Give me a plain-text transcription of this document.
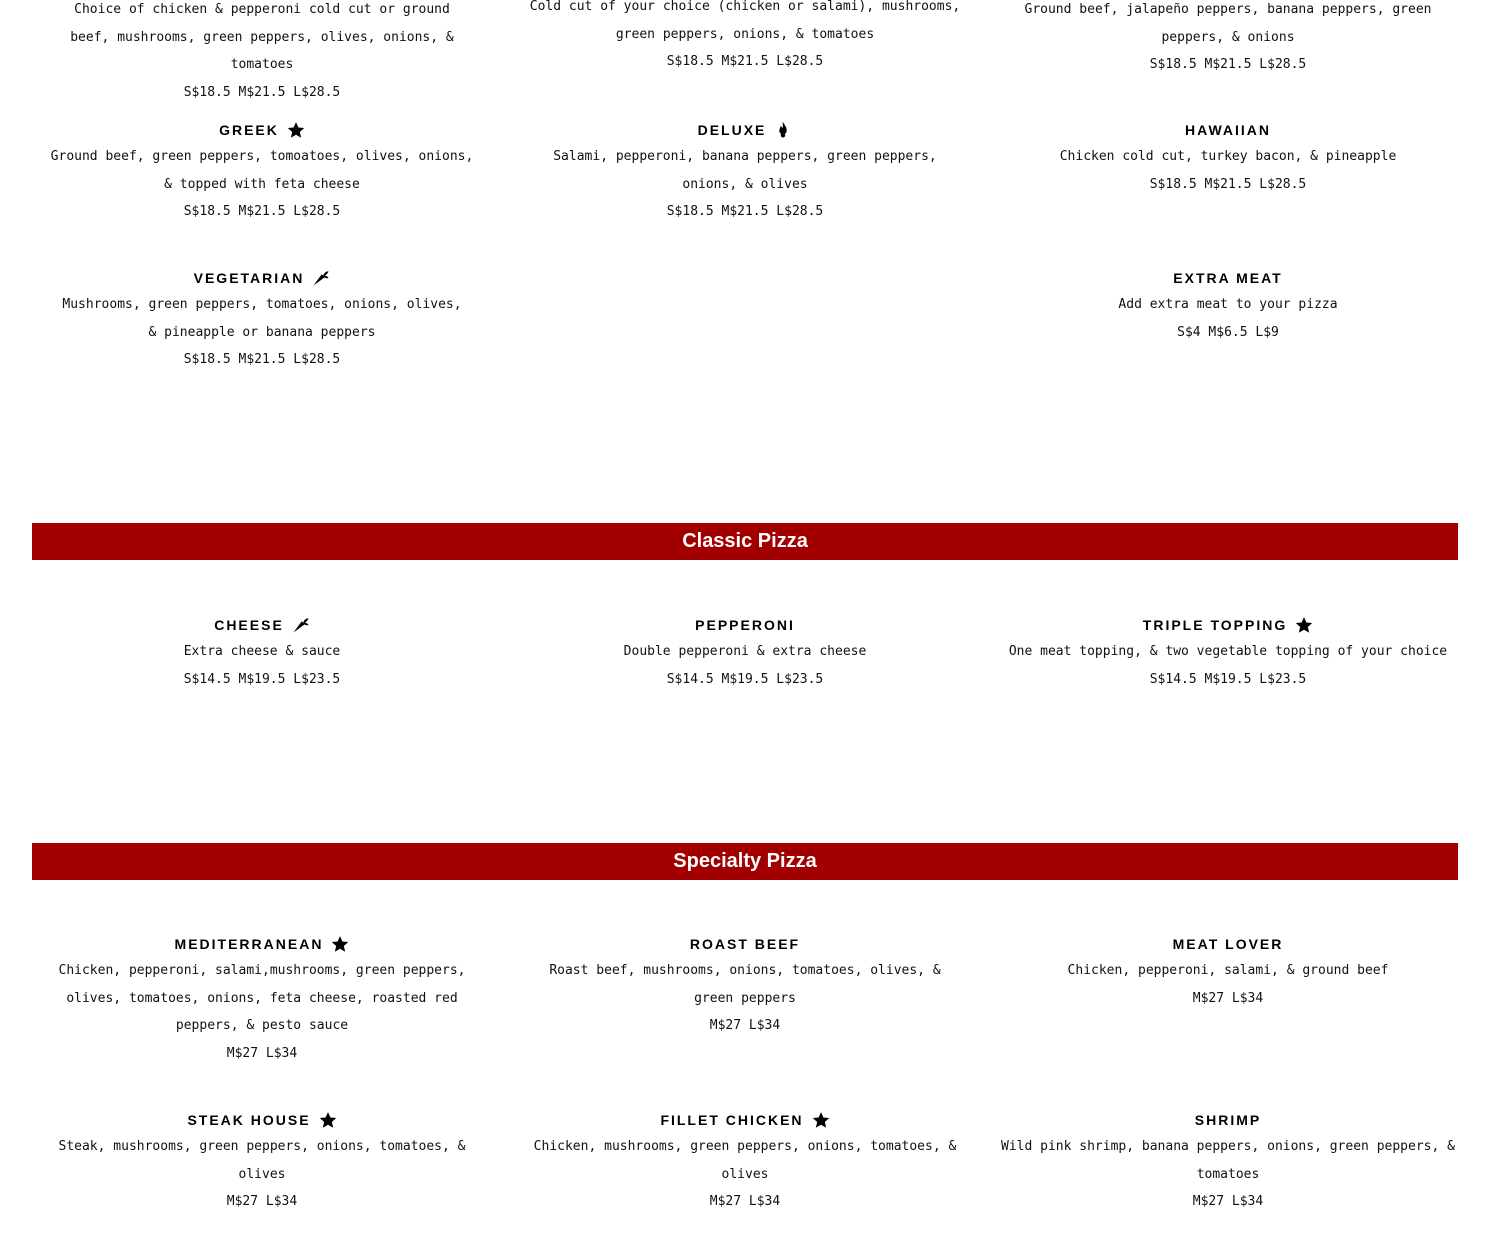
Choice of chicken & pepperoni cold cut or ground beef, mushrooms, green peppers, olives, onions, & tomatoes
S$18.5 M$21.5 L$28.5
Cold cut of your choice (chicken or salami), mushrooms, green peppers, onions, & tomatoes
S$18.5 M$21.5 L$28.5
Ground beef, jalapeño peppers, banana peppers, green peppers, & onions
S$18.5 M$21.5 L$28.5
GREEK
Ground beef, green peppers, tomoatoes, olives, onions, & topped with feta cheese
S$18.5 M$21.5 L$28.5
DELUXE
Salami, pepperoni, banana peppers, green peppers, onions, & olives
S$18.5 M$21.5 L$28.5
HAWAIIAN
Chicken cold cut, turkey bacon, & pineapple
S$18.5 M$21.5 L$28.5
VEGETARIAN
Mushrooms, green peppers, tomatoes, onions, olives, & pineapple or banana peppers
S$18.5 M$21.5 L$28.5
EXTRA MEAT
Add extra meat to your pizza
S$4 M$6.5 L$9
Classic Pizza
CHEESE
Extra cheese & sauce
S$14.5 M$19.5 L$23.5
PEPPERONI
Double pepperoni & extra cheese
S$14.5 M$19.5 L$23.5
TRIPLE TOPPING
One meat topping, & two vegetable topping of your choice
S$14.5 M$19.5 L$23.5
Specialty Pizza
MEDITERRANEAN
Chicken, pepperoni, salami,mushrooms, green peppers, olives, tomatoes, onions, feta cheese, roasted red peppers, & pesto sauce
M$27 L$34
ROAST BEEF
Roast beef, mushrooms, onions, tomatoes, olives, & green peppers
M$27 L$34
MEAT LOVER
Chicken, pepperoni, salami, & ground beef
M$27 L$34
STEAK HOUSE
Steak, mushrooms, green peppers, onions, tomatoes, & olives
M$27 L$34
FILLET CHICKEN
Chicken, mushrooms, green peppers, onions, tomatoes, & olives
M$27 L$34
SHRIMP
Wild pink shrimp, banana peppers, onions, green peppers, & tomatoes
M$27 L$34
